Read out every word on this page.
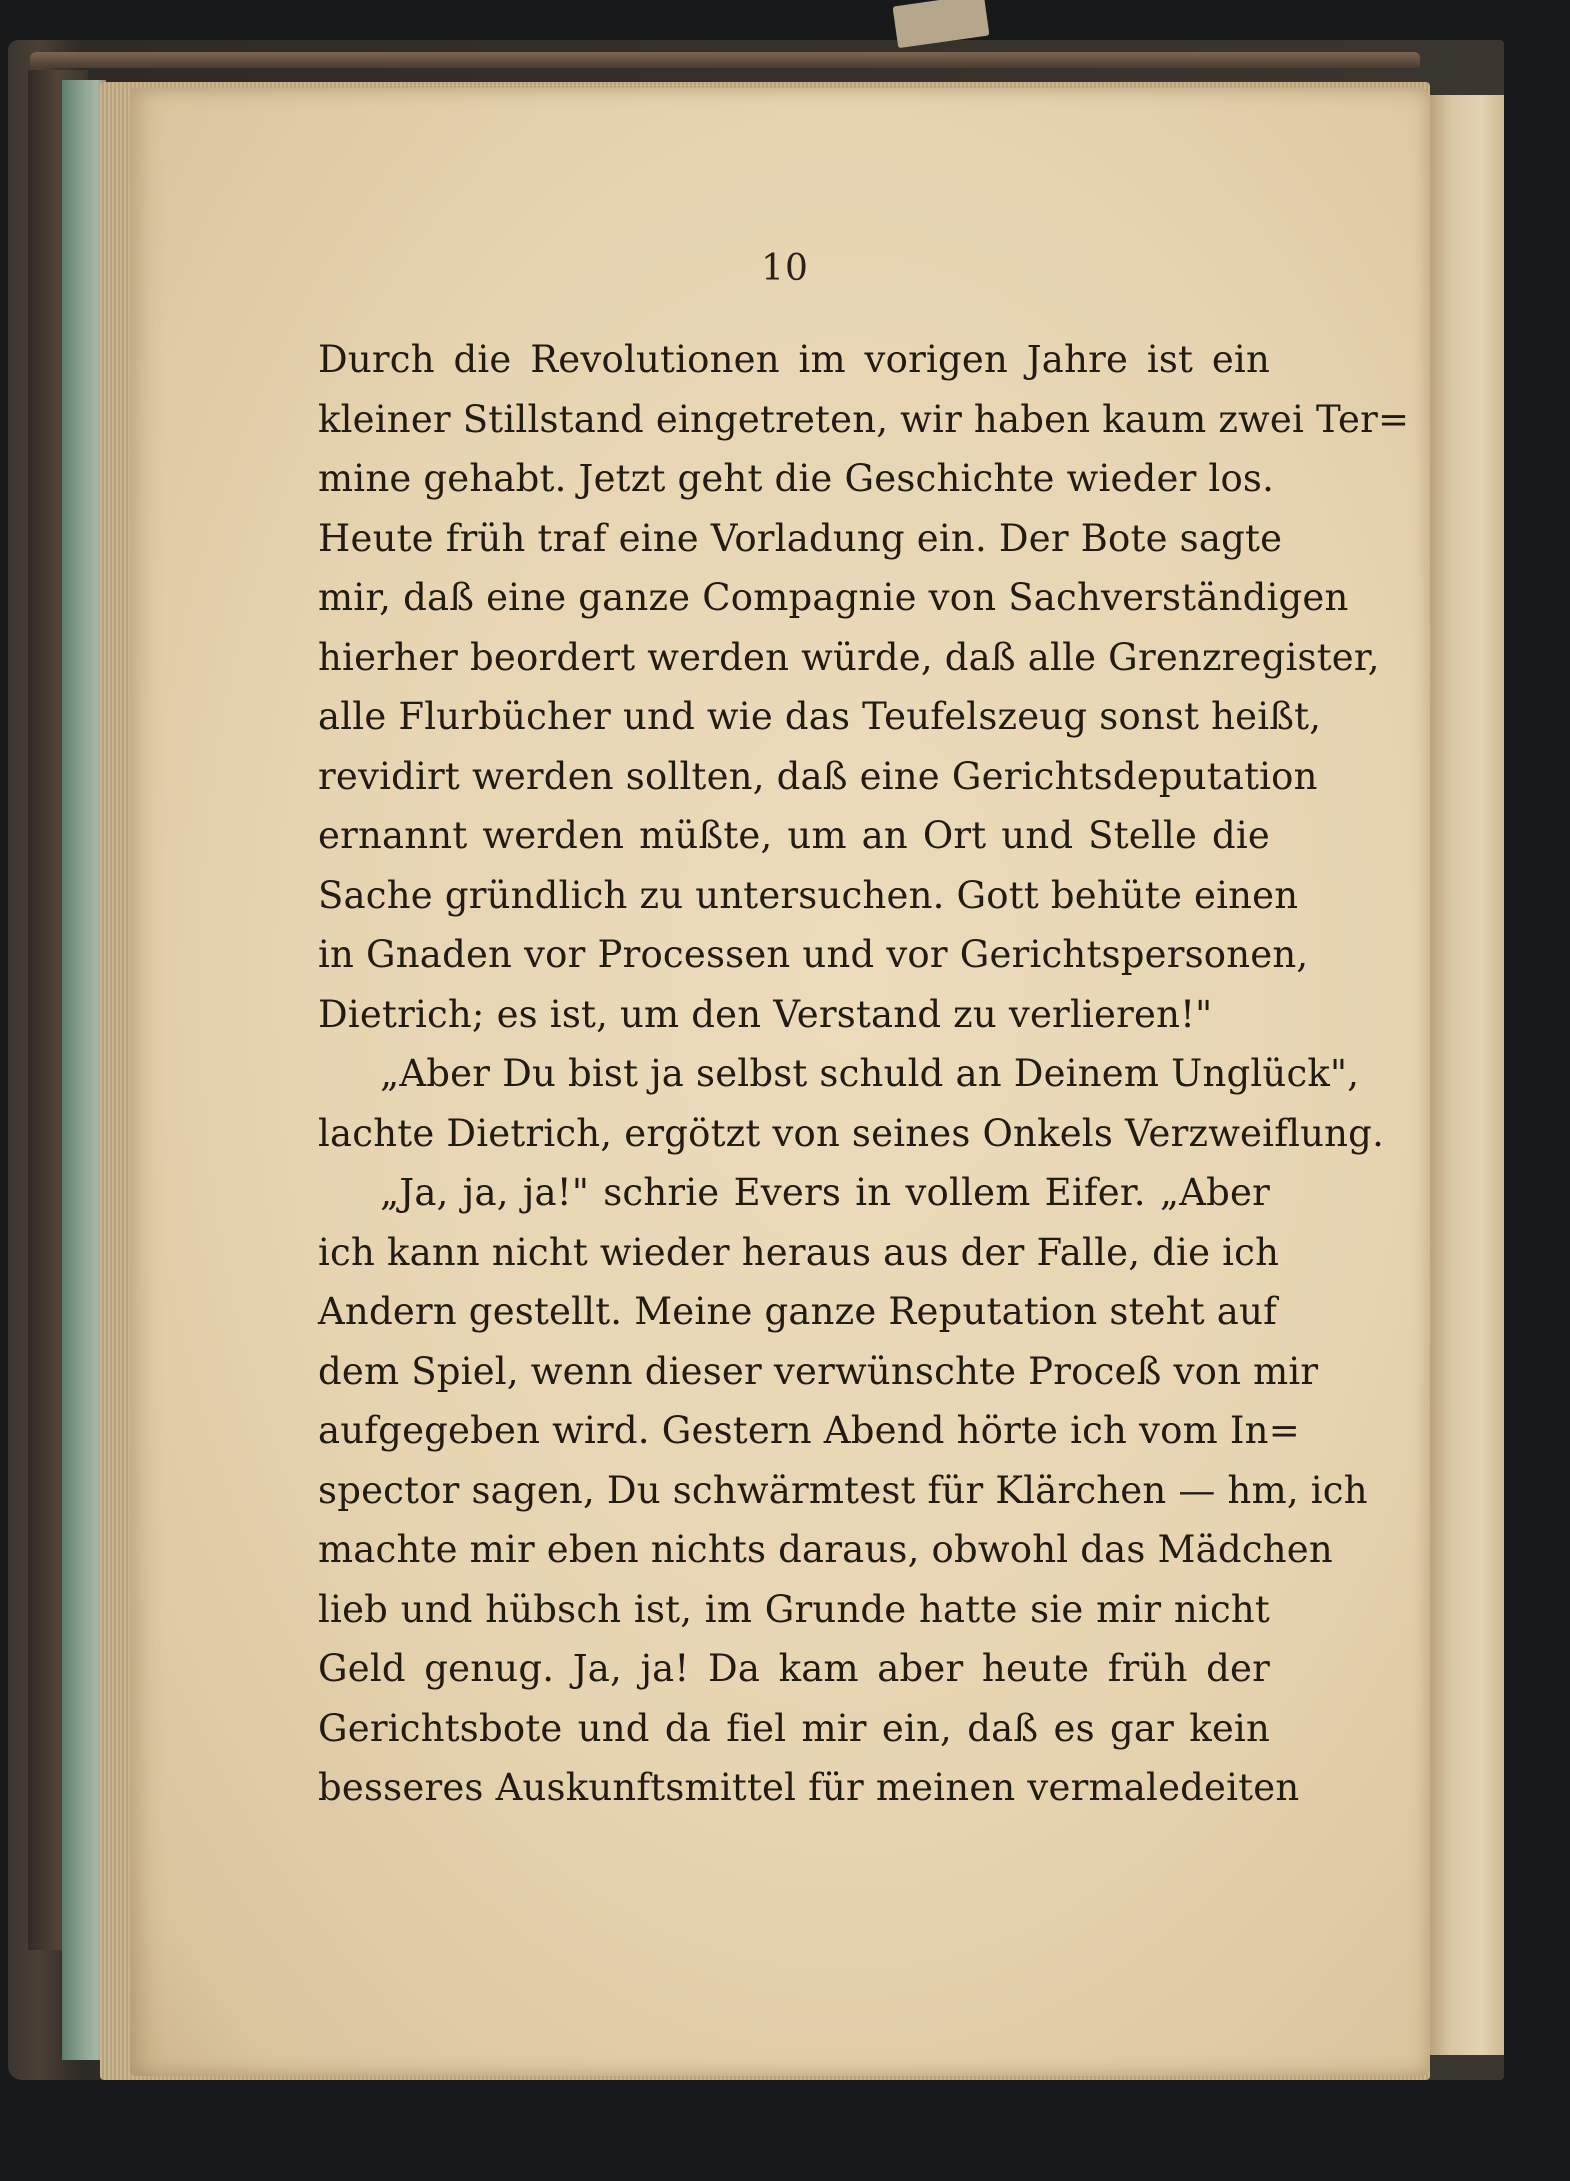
10
Durch die Revolutionen im vorigen Jahre ist ein
kleiner Stillstand eingetreten, wir haben kaum zwei Ter=
mine gehabt. Jetzt geht die Geschichte wieder los.
Heute früh traf eine Vorladung ein. Der Bote sagte
mir, daß eine ganze Compagnie von Sachverständigen
hierher beordert werden würde, daß alle Grenzregister,
alle Flurbücher und wie das Teufelszeug sonst heißt,
revidirt werden sollten, daß eine Gerichtsdeputation
ernannt werden müßte, um an Ort und Stelle die
Sache gründlich zu untersuchen. Gott behüte einen
in Gnaden vor Processen und vor Gerichtspersonen,
Dietrich; es ist, um den Verstand zu verlieren!"
„Aber Du bist ja selbst schuld an Deinem Unglück",
lachte Dietrich, ergötzt von seines Onkels Verzweiflung.
„Ja, ja, ja!" schrie Evers in vollem Eifer. „Aber
ich kann nicht wieder heraus aus der Falle, die ich
Andern gestellt. Meine ganze Reputation steht auf
dem Spiel, wenn dieser verwünschte Proceß von mir
aufgegeben wird. Gestern Abend hörte ich vom In=
spector sagen, Du schwärmtest für Klärchen — hm, ich
machte mir eben nichts daraus, obwohl das Mädchen
lieb und hübsch ist, im Grunde hatte sie mir nicht
Geld genug. Ja, ja! Da kam aber heute früh der
Gerichtsbote und da fiel mir ein, daß es gar kein
besseres Auskunftsmittel für meinen vermaledeiten
